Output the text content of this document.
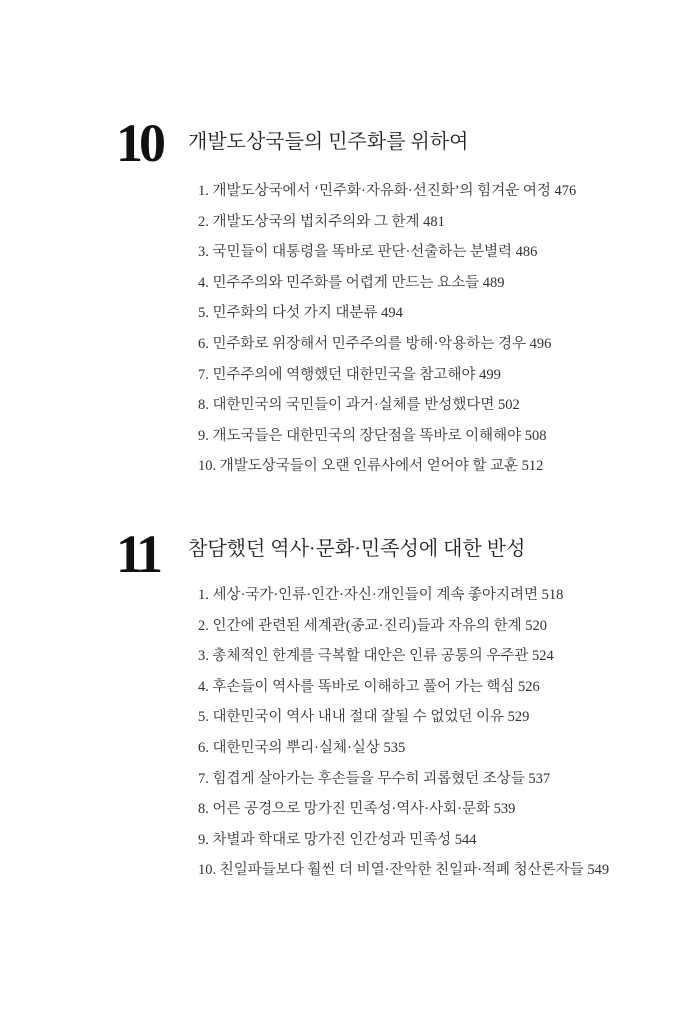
10 개발도상국들의 민주화를 위하여
1. 개발도상국에서 ‘민주화·자유화·선진화’의 힘겨운 여정 476
2. 개발도상국의 법치주의와 그 한계 481
3. 국민들이 대통령을 똑바로 판단·선출하는 분별력 486
4. 민주주의와 민주화를 어렵게 만드는 요소들 489
5. 민주화의 다섯 가지 대분류 494
6. 민주화로 위장해서 민주주의를 방해·악용하는 경우 496
7. 민주주의에 역행했던 대한민국을 참고해야 499
8. 대한민국의 국민들이 과거·실체를 반성했다면 502
9. 개도국들은 대한민국의 장단점을 똑바로 이해해야 508
10. 개발도상국들이 오랜 인류사에서 얻어야 할 교훈 512
11 참담했던 역사·문화·민족성에 대한 반성
1. 세상·국가·인류·인간·자신·개인들이 계속 좋아지려면 518
2. 인간에 관련된 세계관(종교·진리)들과 자유의 한계 520
3. 총체적인 한계를 극복할 대안은 인류 공통의 우주관 524
4. 후손들이 역사를 똑바로 이해하고 풀어 가는 핵심 526
5. 대한민국이 역사 내내 절대 잘될 수 없었던 이유 529
6. 대한민국의 뿌리·실체·실상 535
7. 힘겹게 살아가는 후손들을 무수히 괴롭혔던 조상들 537
8. 어른 공경으로 망가진 민족성·역사·사회·문화 539
9. 차별과 학대로 망가진 인간성과 민족성 544
10. 친일파들보다 훨씬 더 비열·잔악한 친일파·적폐 청산론자들 549
